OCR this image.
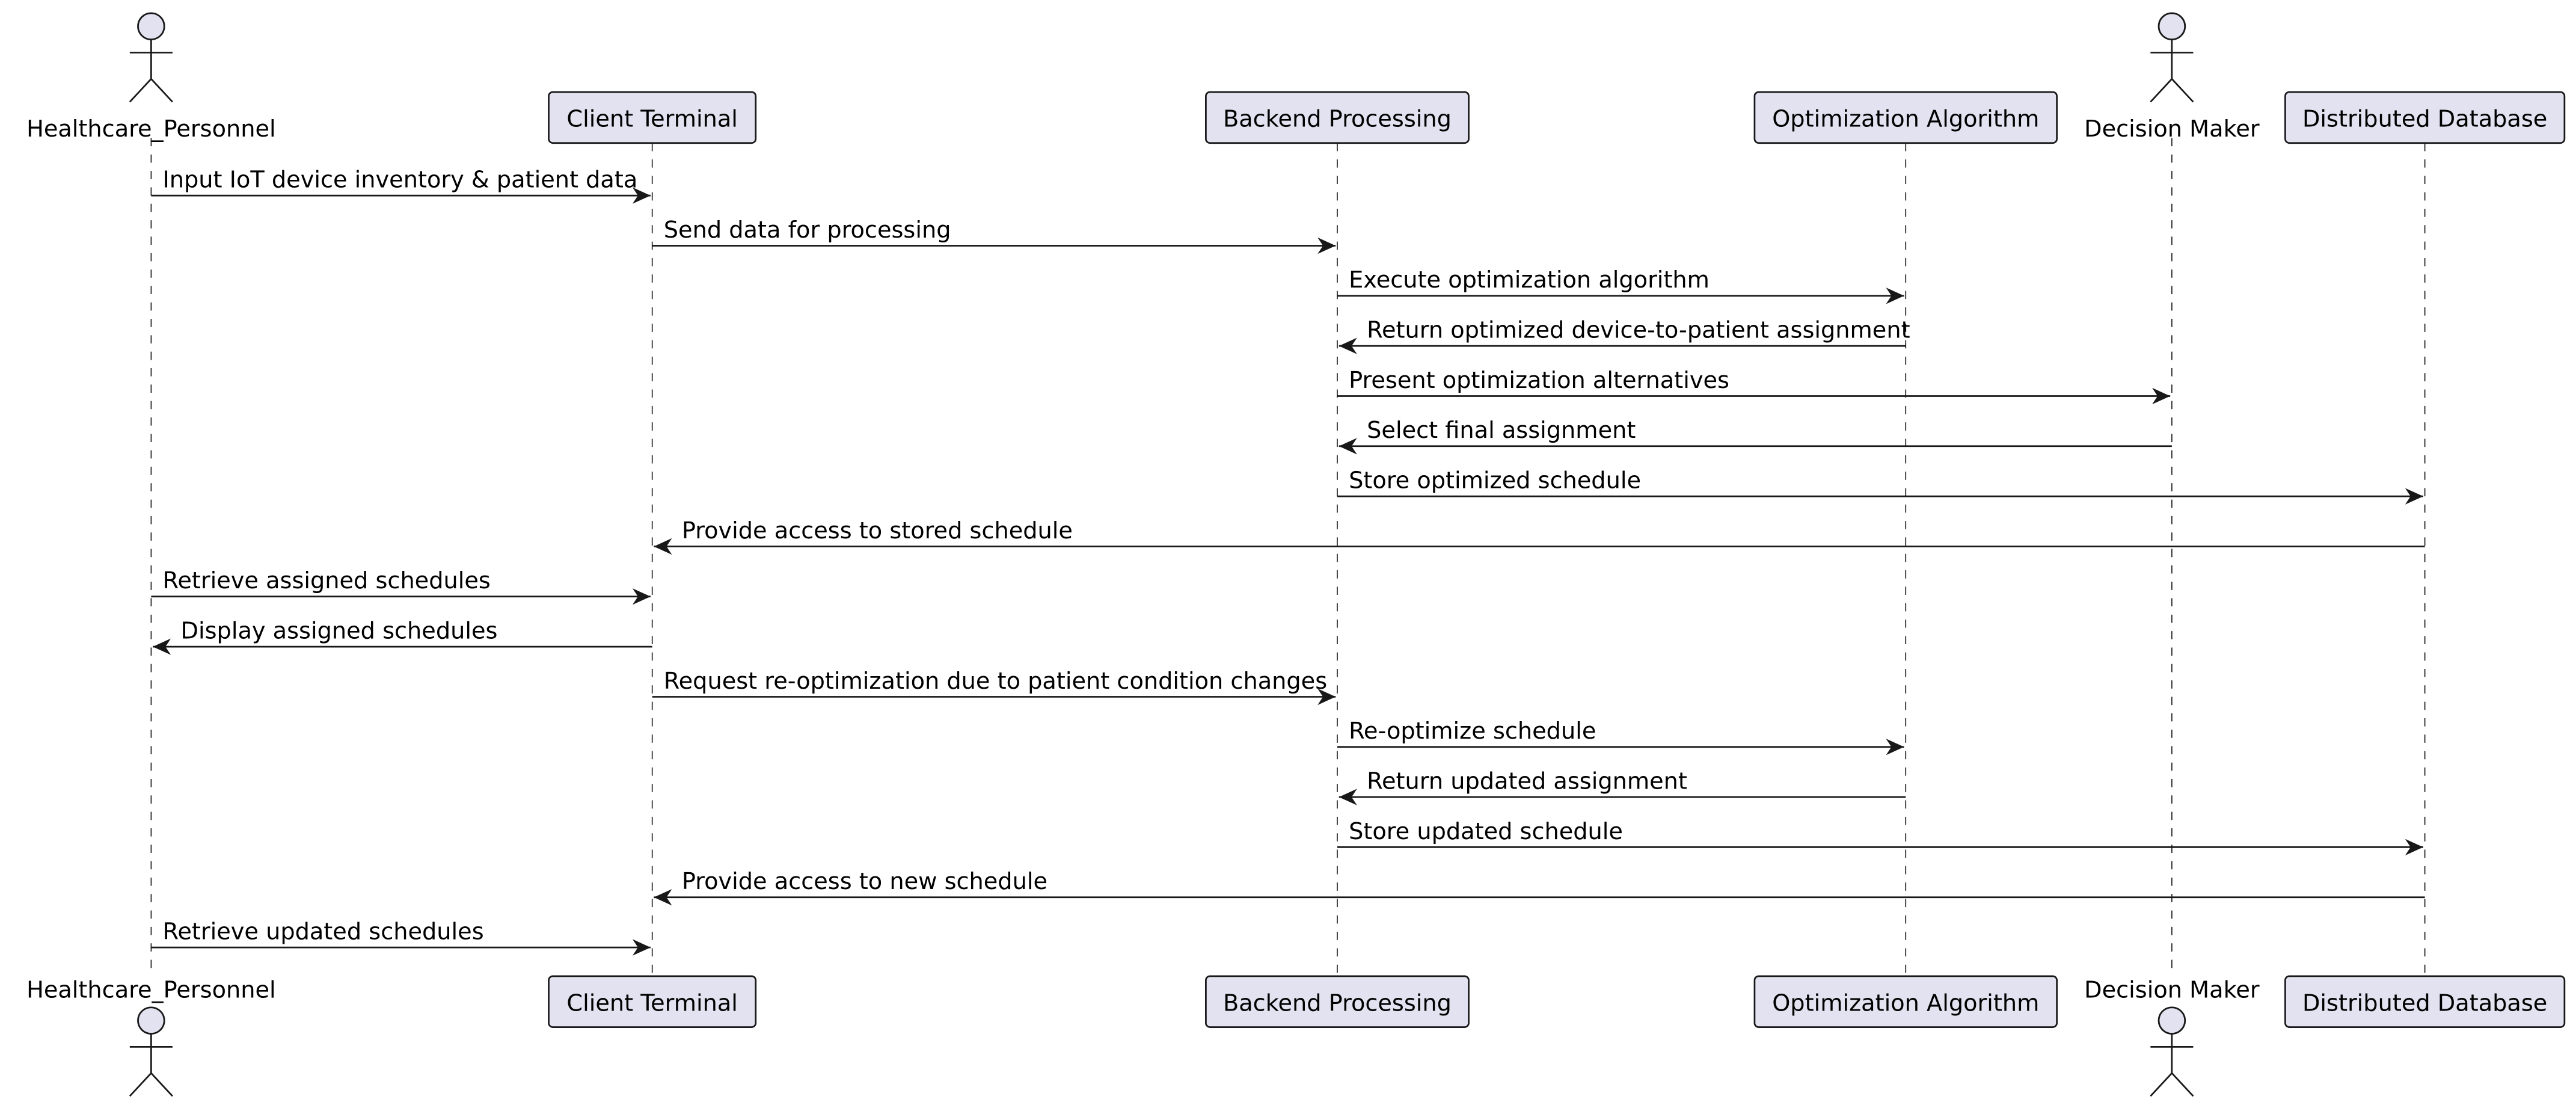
Input IoT device inventory & patient data
Send data for processing
Execute optimization algorithm
Return optimized device-to-patient assignment
Present optimization alternatives
Select final assignment
Store optimized schedule
Provide access to stored schedule
Retrieve assigned schedules
Display assigned schedules
Request re-optimization due to patient condition changes
Re-optimize schedule
Return updated assignment
Store updated schedule
Provide access to new schedule
Retrieve updated schedules
Healthcare_Personnel	Client Terminal	Backend Processing	Optimization Algorithm Decision Maker Distributed Database
Healthcare_Personnel	Client Terminal	Backend Processing	Optimization Algorithm Decision Maker Distributed Database
